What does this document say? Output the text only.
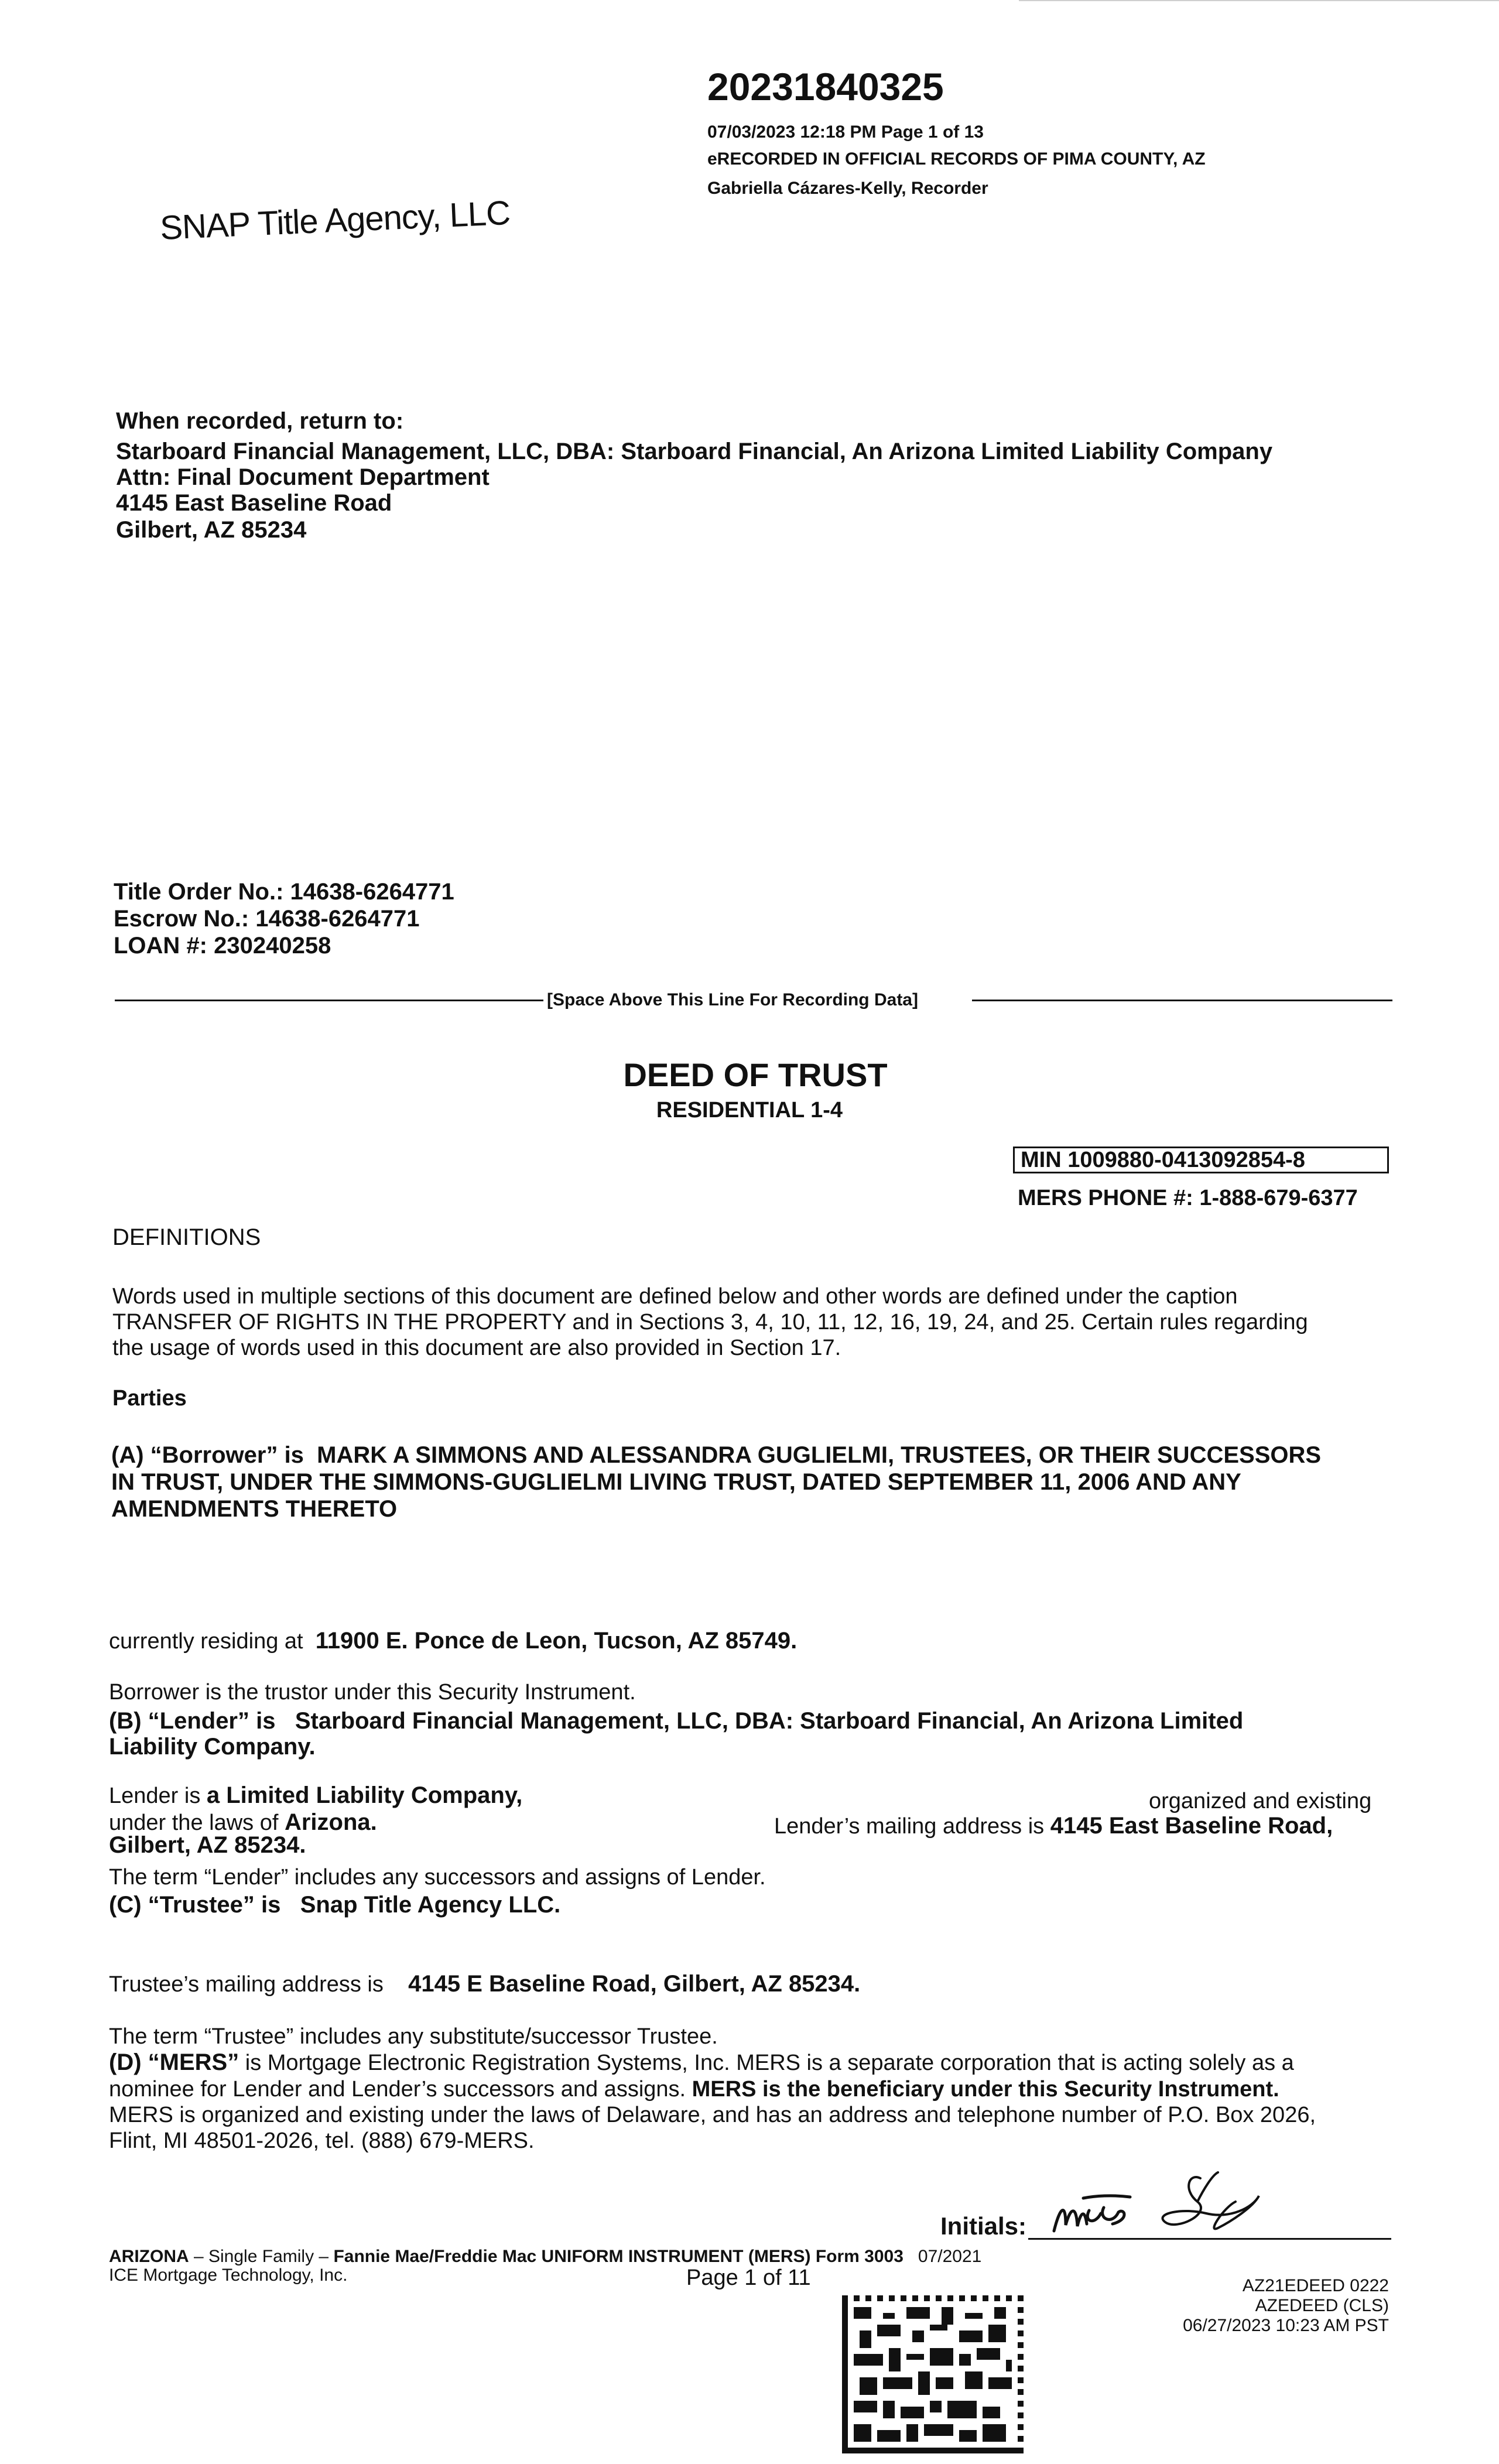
20231840325
07/03/2023 12:18 PM Page 1 of 13
eRECORDED IN OFFICIAL RECORDS OF PIMA COUNTY, AZ
Gabriella Cázares-Kelly, Recorder
SNAP Title Agency, LLC
When recorded, return to:
Starboard Financial Management, LLC, DBA: Starboard Financial, An Arizona Limited Liability Company
Attn: Final Document Department
4145 East Baseline Road
Gilbert, AZ 85234
Title Order No.: 14638-6264771
Escrow No.: 14638-6264771
LOAN #: 230240258
[Space Above This Line For Recording Data]
DEED OF TRUST
RESIDENTIAL 1-4
MIN 1009880-0413092854-8
MERS PHONE #: 1-888-679-6377
DEFINITIONS
Words used in multiple sections of this document are defined below and other words are defined under the caption
TRANSFER OF RIGHTS IN THE PROPERTY and in Sections 3, 4, 10, 11, 12, 16, 19, 24, and 25. Certain rules regarding
the usage of words used in this document are also provided in Section 17.
Parties
(A) “Borrower” is MARK A SIMMONS AND ALESSANDRA GUGLIELMI, TRUSTEES, OR THEIR SUCCESSORS
IN TRUST, UNDER THE SIMMONS-GUGLIELMI LIVING TRUST, DATED SEPTEMBER 11, 2006 AND ANY
AMENDMENTS THERETO
currently residing at 11900 E. Ponce de Leon, Tucson, AZ 85749.
Borrower is the trustor under this Security Instrument.
(B) “Lender” is Starboard Financial Management, LLC, DBA: Starboard Financial, An Arizona Limited
Liability Company.
Lender is a Limited Liability Company,	organized and existing
under the laws of Arizona.	Lender’s mailing address is 4145 East Baseline Road,
Gilbert, AZ 85234.
The term “Lender” includes any successors and assigns of Lender.
(C) “Trustee” is Snap Title Agency LLC.
Trustee’s mailing address is 4145 E Baseline Road, Gilbert, AZ 85234.
The term “Trustee” includes any substitute/successor Trustee.
(D) “MERS” is Mortgage Electronic Registration Systems, Inc. MERS is a separate corporation that is acting solely as a
nominee for Lender and Lender’s successors and assigns. MERS is the beneficiary under this Security Instrument.
MERS is organized and existing under the laws of Delaware, and has an address and telephone number of P.O. Box 2026,
Flint, MI 48501-2026, tel. (888) 679-MERS.
Initials:
ARIZONA – Single Family – Fannie Mae/Freddie Mac UNIFORM INSTRUMENT (MERS) Form 3003 07/2021
ICE Mortgage Technology, Inc.	Page 1 of 11	AZ21EDEED 0222
AZEDEED (CLS)
06/27/2023 10:23 AM PST
